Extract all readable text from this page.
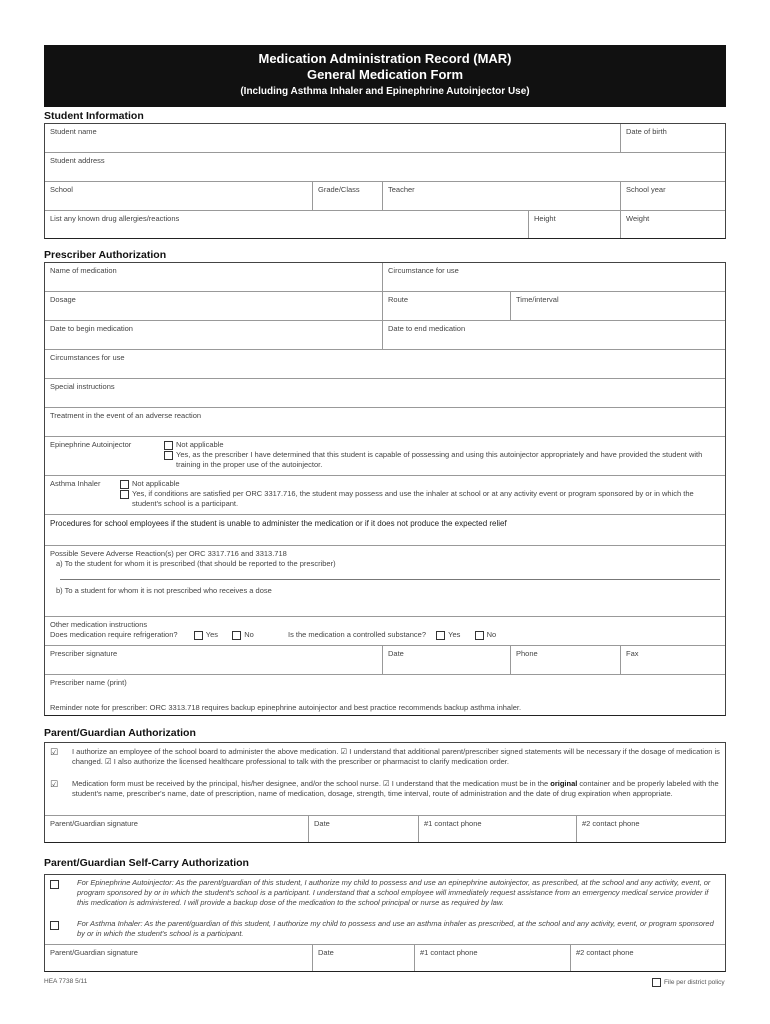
Medication Administration Record (MAR)
General Medication Form
(Including Asthma Inhaler and Epinephrine Autoinjector Use)
Student Information
Student name	Date of birth
Student address
School	Grade/Class	Teacher	School year
List any known drug allergies/reactions	Height	Weight
Prescriber Authorization
Name of medication	Circumstance for use
Dosage	Route	Time/interval
Date to begin medication	Date to end medication
Circumstances for use
Special instructions
Treatment in the event of an adverse reaction
Epinephrine Autoinjector	Not applicable
Yes, as the prescriber I have determined that this student is capable of possessing and using this autoinjector appropriately and have provided the student with training in the proper use of the autoinjector.
Asthma Inhaler	Not applicable
Yes, if conditions are satisfied per ORC 3317.716, the student may possess and use the inhaler at school or at any activity event or program sponsored by or in which the student's school is a participant.
Procedures for school employees if the student is unable to administer the medication or if it does not produce the expected relief
Possible Severe Adverse Reaction(s) per ORC 3317.716 and 3313.718
a) To the student for whom it is prescribed (that should be reported to the prescriber)
b) To a student for whom it is not prescribed who receives a dose
Other medication instructions
Does medication require refrigeration?	Yes	No	Is the medication a controlled substance?	Yes	No
Prescriber signature	Date	Phone	Fax
Prescriber name (print)
Reminder note for prescriber: ORC 3313.718 requires backup epinephrine autoinjector and best practice recommends backup asthma inhaler.
Parent/Guardian Authorization
☑	I authorize an employee of the school board to administer the above medication. ☑ I understand that additional parent/prescriber signed statements will be necessary if the dosage of medication is changed. ☑ I also authorize the licensed healthcare professional to talk with the prescriber or pharmacist to clarify medication order.
☑	Medication form must be received by the principal, his/her designee, and/or the school nurse. ☑ I understand that the medication must be in the original container and be properly labeled with the student's name, prescriber's name, date of prescription, name of medication, dosage, strength, time interval, route of administration and the date of drug expiration when appropriate.
Parent/Guardian signature	Date	#1 contact phone	#2 contact phone
Parent/Guardian Self-Carry Authorization
For Epinephrine Autoinjector: As the parent/guardian of this student, I authorize my child to possess and use an epinephrine autoinjector, as prescribed, at the school and any activity, event, or program sponsored by or in which the student's school is a participant. I understand that a school employee will immediately request assistance from an emergency medical service provider if this medication is administered. I will provide a backup dose of the medication to the school principal or nurse as required by law.
For Asthma Inhaler: As the parent/guardian of this student, I authorize my child to possess and use an asthma inhaler as prescribed, at the school and any activity, event, or program sponsored by or in which the student's school is a participant.
Parent/Guardian signature	Date	#1 contact phone	#2 contact phone
HEA 7738 5/11	File per district policy
